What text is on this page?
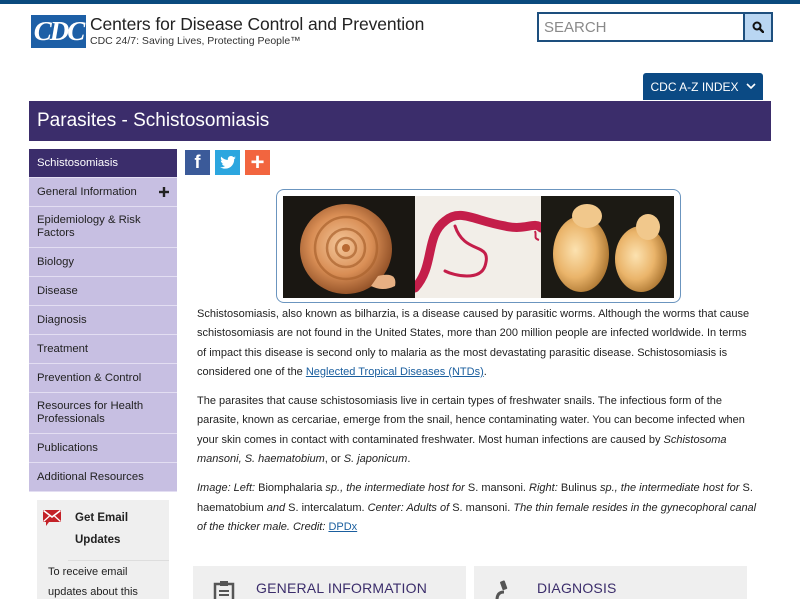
CDC Centers for Disease Control and Prevention
CDC 24/7: Saving Lives, Protecting People™
SEARCH
CDC A-Z INDEX
Parasites - Schistosomiasis
Schistosomiasis
General Information
Epidemiology & Risk Factors
Biology
Disease
Diagnosis
Treatment
Prevention & Control
Resources for Health Professionals
Publications
Additional Resources
Get Email Updates
To receive email updates about this
f +

Schistosomiasis, also known as bilharzia, is a disease caused by parasitic worms. Although the worms that cause schistosomiasis are not found in the United States, more than 200 million people are infected worldwide. In terms of impact this disease is second only to malaria as the most devastating parasitic disease. Schistosomiasis is considered one of the Neglected Tropical Diseases (NTDs).

The parasites that cause schistosomiasis live in certain types of freshwater snails. The infectious form of the parasite, known as cercariae, emerge from the snail, hence contaminating water. You can become infected when your skin comes in contact with contaminated freshwater. Most human infections are caused by Schistosoma mansoni, S. haematobium, or S. japonicum.

Image: Left: Biomphalaria sp., the intermediate host for S. mansoni. Right: Bulinus sp., the intermediate host for S. haematobium and S. intercalatum. Center: Adults of S. mansoni. The thin female resides in the gynecophoral canal of the thicker male. Credit: DPDx

GENERAL INFORMATION	DIAGNOSIS
